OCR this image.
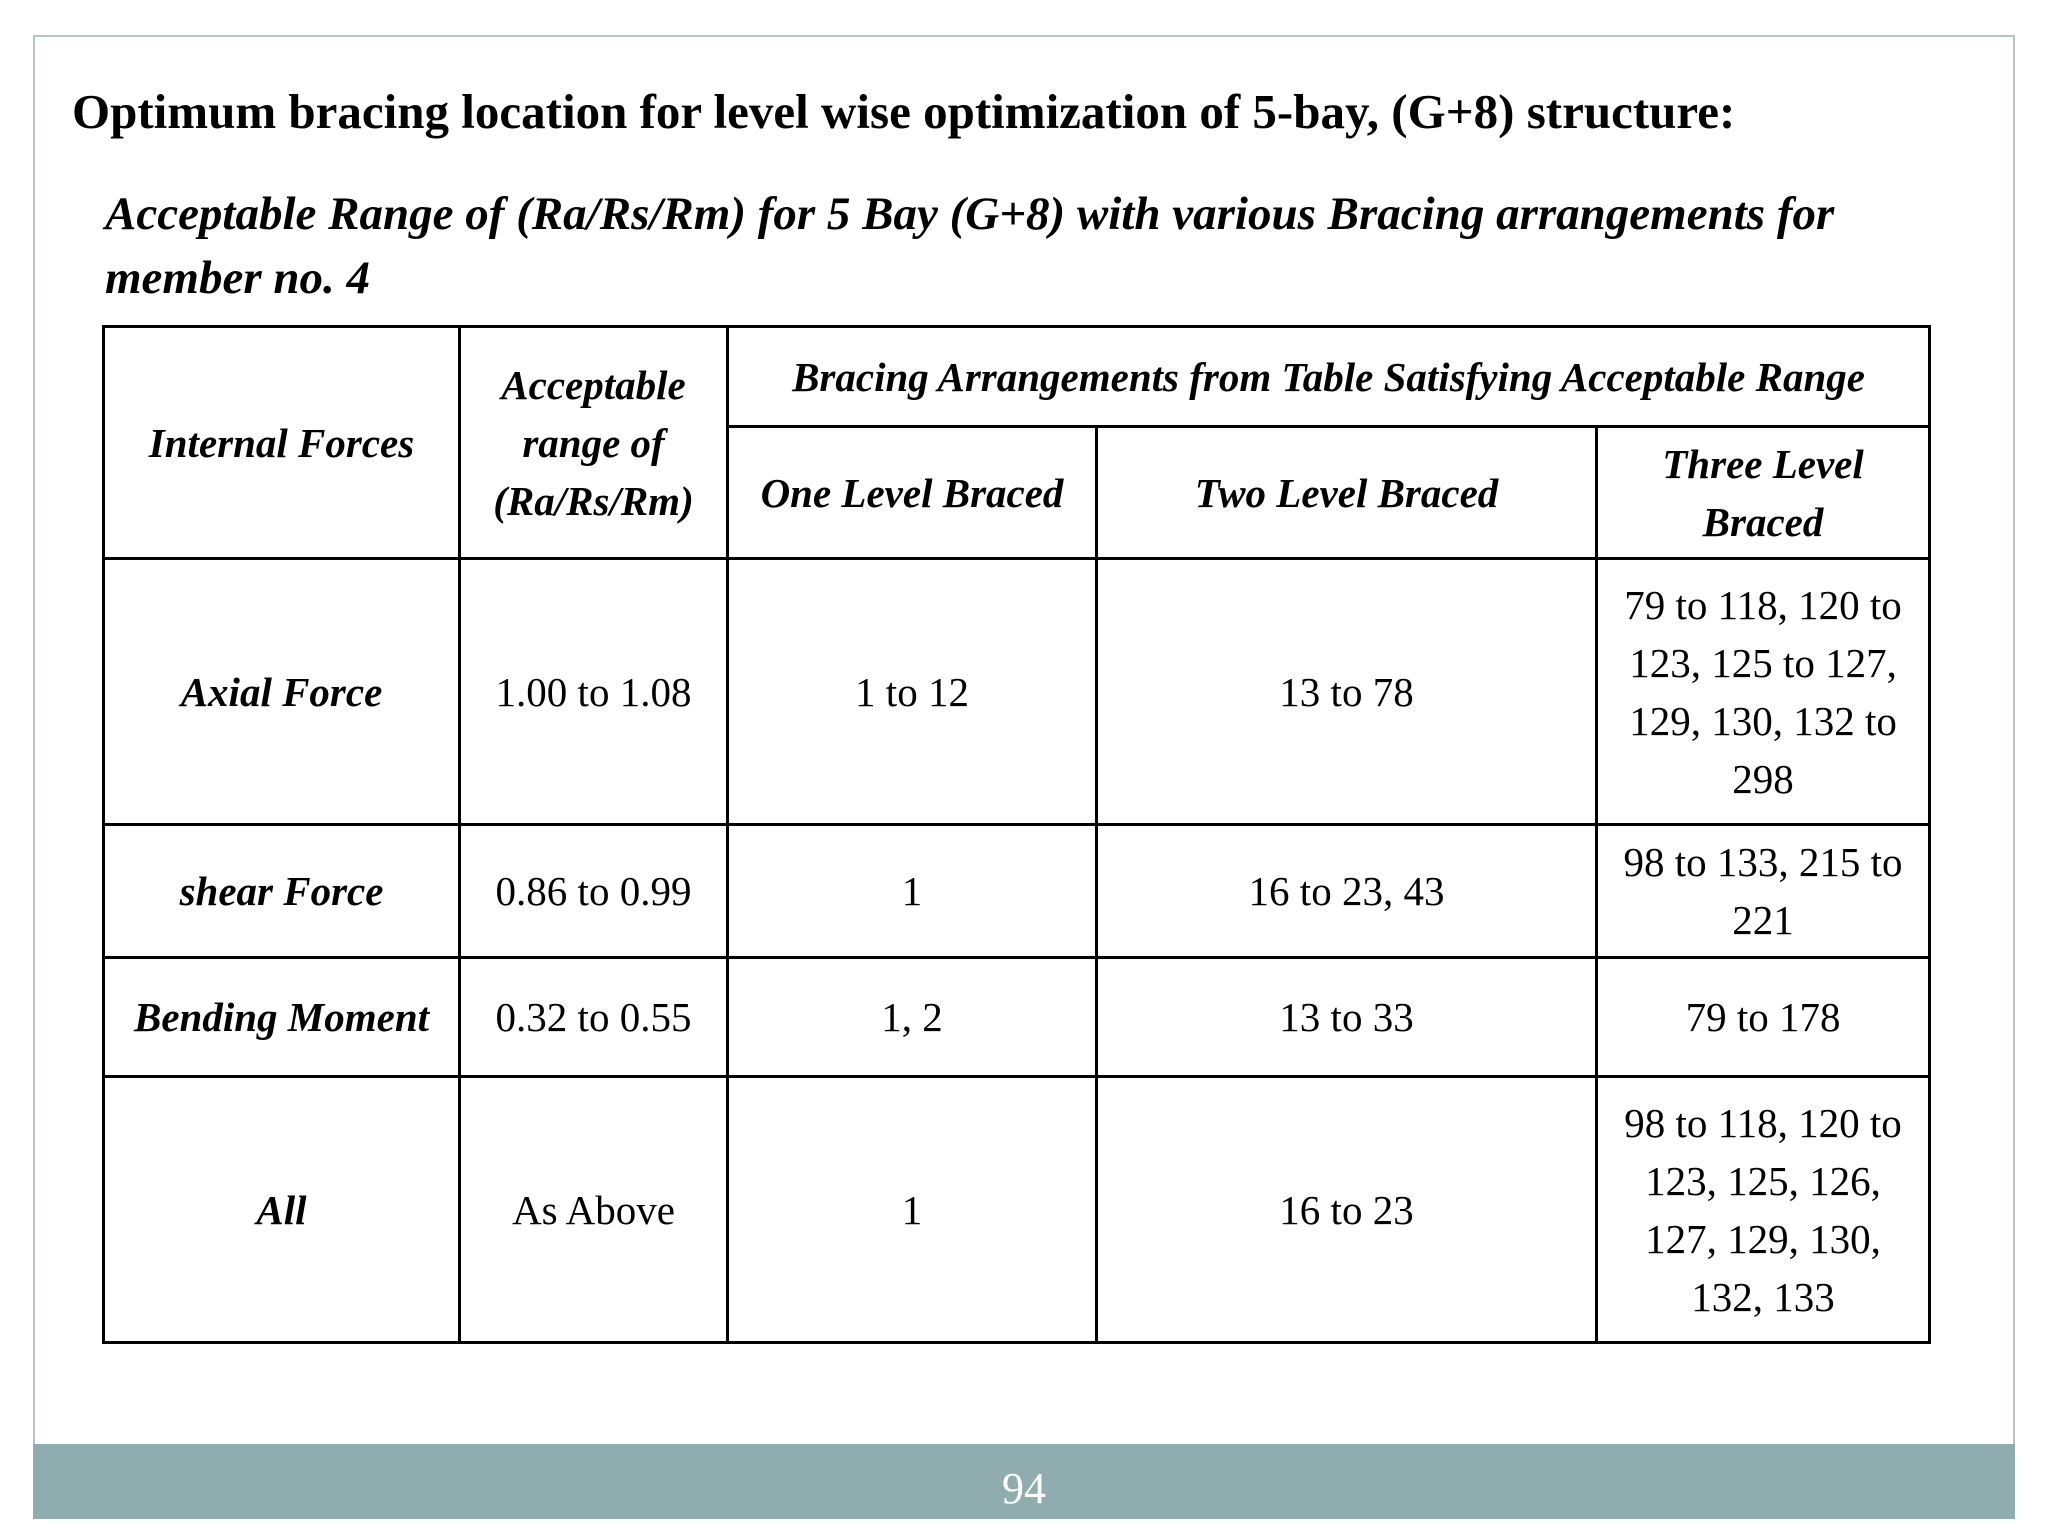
Optimum bracing location for level wise optimization of 5-bay, (G+8) structure:
Acceptable Range of (Ra/Rs/Rm) for 5 Bay (G+8) with various Bracing arrangements for member no. 4
Internal Forces	Acceptable range of (Ra/Rs/Rm)	Bracing Arrangements from Table Satisfying Acceptable Range		
		One Level Braced	Two Level Braced	Three Level Braced
Axial Force	1.00 to 1.08	1 to 12	13 to 78	79 to 118, 120 to 123, 125 to 127, 129, 130, 132 to 298
shear Force	0.86 to 0.99	1	16 to 23, 43	98 to 133, 215 to 221
Bending Moment	0.32 to 0.55	1, 2	13 to 33	79 to 178
All	As Above	1	16 to 23	98 to 118, 120 to 123, 125, 126, 127, 129, 130, 132, 133
94
